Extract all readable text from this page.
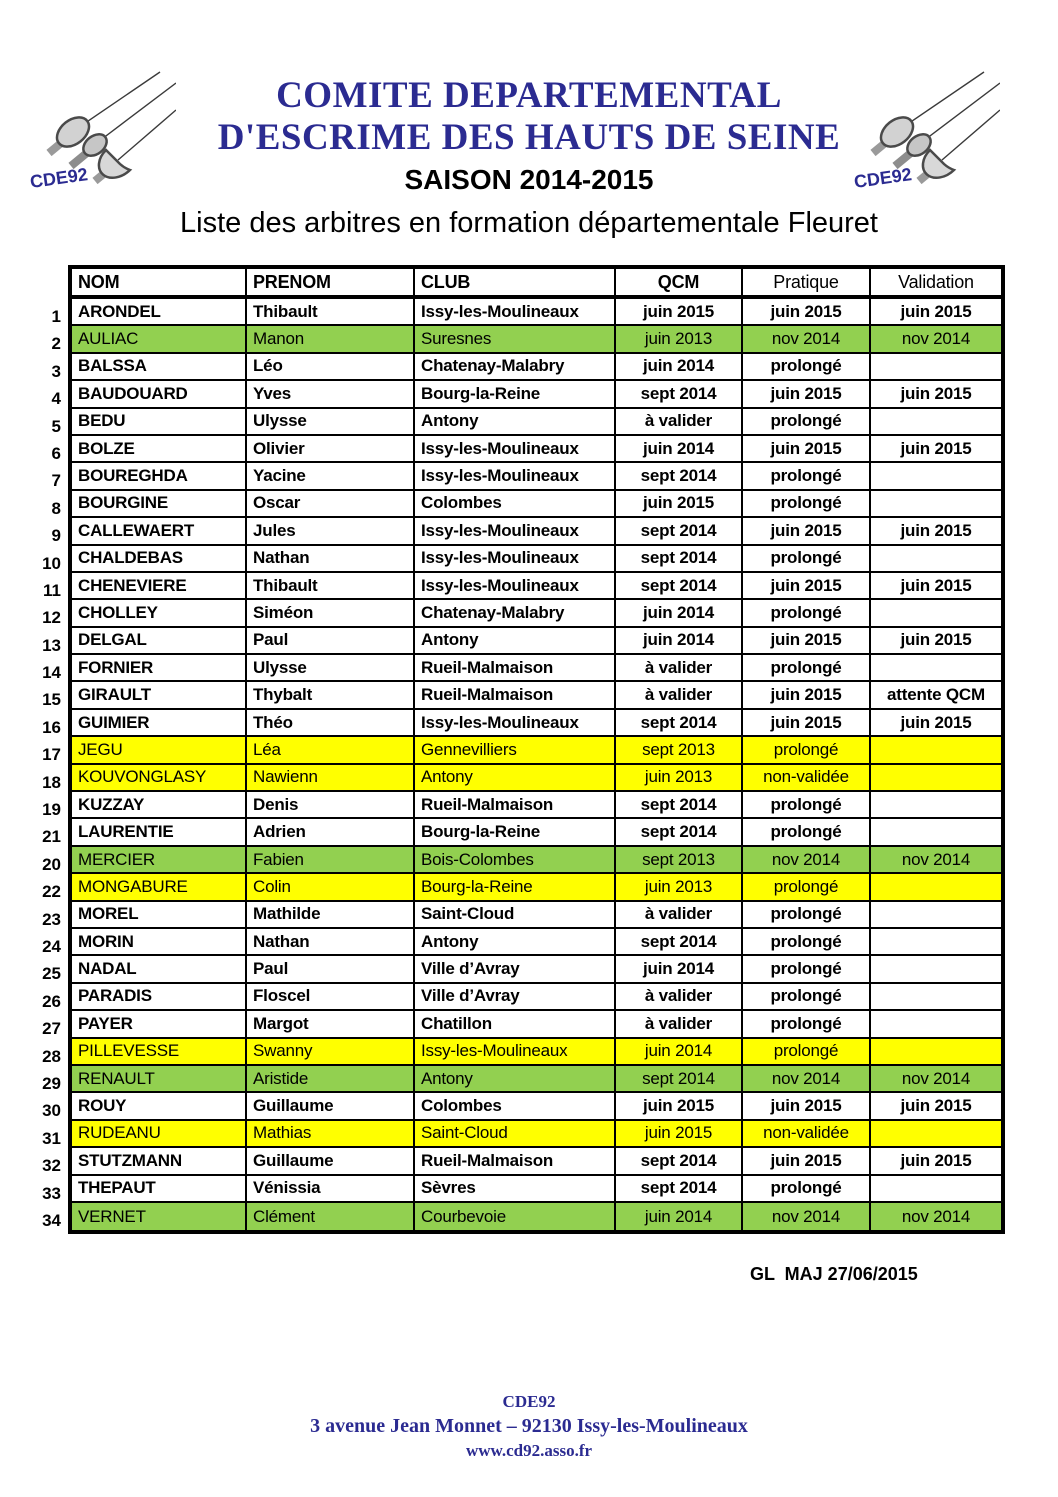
CDE92	CDE92
COMITE DEPARTEMENTAL
D'ESCRIME DES HAUTS DE SEINE
SAISON 2014-2015
Liste des arbitres en formation départementale Fleuret
1
2
3
4
5
6
7
8
9
10
11
12
13
14
15
16
17
18
19
21
20
22
23
24
25
26
27
28
29
30
31
32
33
34
NOM	PRENOM	CLUB	QCM	Pratique	Validation
ARONDEL	Thibault	Issy-les-Moulineaux	juin 2015	juin 2015	juin 2015
AULIAC	Manon	Suresnes	juin 2013	nov 2014	nov 2014
BALSSA	Léo	Chatenay-Malabry	juin 2014	prolongé
BAUDOUARD	Yves	Bourg-la-Reine	sept 2014	juin 2015	juin 2015
BEDU	Ulysse	Antony	à valider	prolongé
BOLZE	Olivier	Issy-les-Moulineaux	juin 2014	juin 2015	juin 2015
BOUREGHDA	Yacine	Issy-les-Moulineaux	sept 2014	prolongé
BOURGINE	Oscar	Colombes	juin 2015	prolongé
CALLEWAERT	Jules	Issy-les-Moulineaux	sept 2014	juin 2015	juin 2015
CHALDEBAS	Nathan	Issy-les-Moulineaux	sept 2014	prolongé
CHENEVIERE	Thibault	Issy-les-Moulineaux	sept 2014	juin 2015	juin 2015
CHOLLEY	Siméon	Chatenay-Malabry	juin 2014	prolongé
DELGAL	Paul	Antony	juin 2014	juin 2015	juin 2015
FORNIER	Ulysse	Rueil-Malmaison	à valider	prolongé
GIRAULT	Thybalt	Rueil-Malmaison	à valider	juin 2015	attente QCM
GUIMIER	Théo	Issy-les-Moulineaux	sept 2014	juin 2015	juin 2015
JEGU	Léa	Gennevilliers	sept 2013	prolongé
KOUVONGLASY	Nawienn	Antony	juin 2013	non-validée
KUZZAY	Denis	Rueil-Malmaison	sept 2014	prolongé
LAURENTIE	Adrien	Bourg-la-Reine	sept 2014	prolongé
MERCIER	Fabien	Bois-Colombes	sept 2013	nov 2014	nov 2014
MONGABURE	Colin	Bourg-la-Reine	juin 2013	prolongé
MOREL	Mathilde	Saint-Cloud	à valider	prolongé
MORIN	Nathan	Antony	sept 2014	prolongé
NADAL	Paul	Ville d’Avray	juin 2014	prolongé
PARADIS	Floscel	Ville d’Avray	à valider	prolongé
PAYER	Margot	Chatillon	à valider	prolongé
PILLEVESSE	Swanny	Issy-les-Moulineaux	juin 2014	prolongé
RENAULT	Aristide	Antony	sept 2014	nov 2014	nov 2014
ROUY	Guillaume	Colombes	juin 2015	juin 2015	juin 2015
RUDEANU	Mathias	Saint-Cloud	juin 2015	non-validée
STUTZMANN	Guillaume	Rueil-Malmaison	sept 2014	juin 2015	juin 2015
THEPAUT	Vénissia	Sèvres	sept 2014	prolongé
VERNET	Clément	Courbevoie	juin 2014	nov 2014	nov 2014
GL  MAJ 27/06/2015
CDE92
3 avenue Jean Monnet – 92130 Issy-les-Moulineaux
www.cd92.asso.fr
